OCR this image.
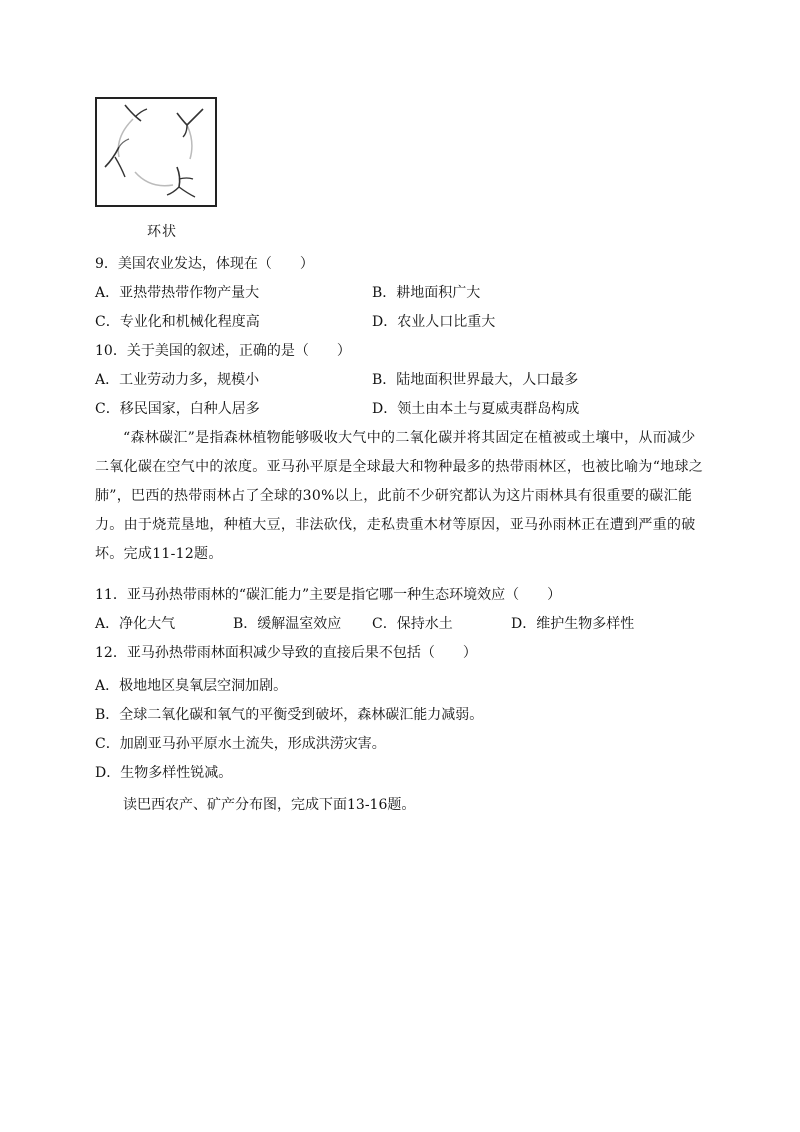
环状
9．美国农业发达，体现在（　　）
A．亚热带热带作物产量大	B．耕地面积广大
C．专业化和机械化程度高	D．农业人口比重大
10．关于美国的叙述，正确的是（　　）
A．工业劳动力多，规模小	B．陆地面积世界最大，人口最多
C．移民国家，白种人居多	D．领土由本土与夏威夷群岛构成
“森林碳汇”是指森林植物能够吸收大气中的二氧化碳并将其固定在植被或土壤中，从而减少二氧化碳在空气中的浓度。亚马孙平原是全球最大和物种最多的热带雨林区，也被比喻为“地球之肺”，巴西的热带雨林占了全球的30%以上，此前不少研究都认为这片雨林具有很重要的碳汇能力。由于烧荒垦地，种植大豆，非法砍伐，走私贵重木材等原因，亚马孙雨林正在遭到严重的破坏。完成11-12题。
11．亚马孙热带雨林的“碳汇能力”主要是指它哪一种生态环境效应（　　）
A．净化大气	B．缓解温室效应 C．保持水土	D．维护生物多样性
12．亚马孙热带雨林面积减少导致的直接后果不包括（　　）
A．极地地区臭氧层空洞加剧。
B．全球二氧化碳和氧气的平衡受到破坏，森林碳汇能力减弱。
C．加剧亚马孙平原水土流失，形成洪涝灾害。
D．生物多样性锐减。
读巴西农产、矿产分布图，完成下面13-16题。
